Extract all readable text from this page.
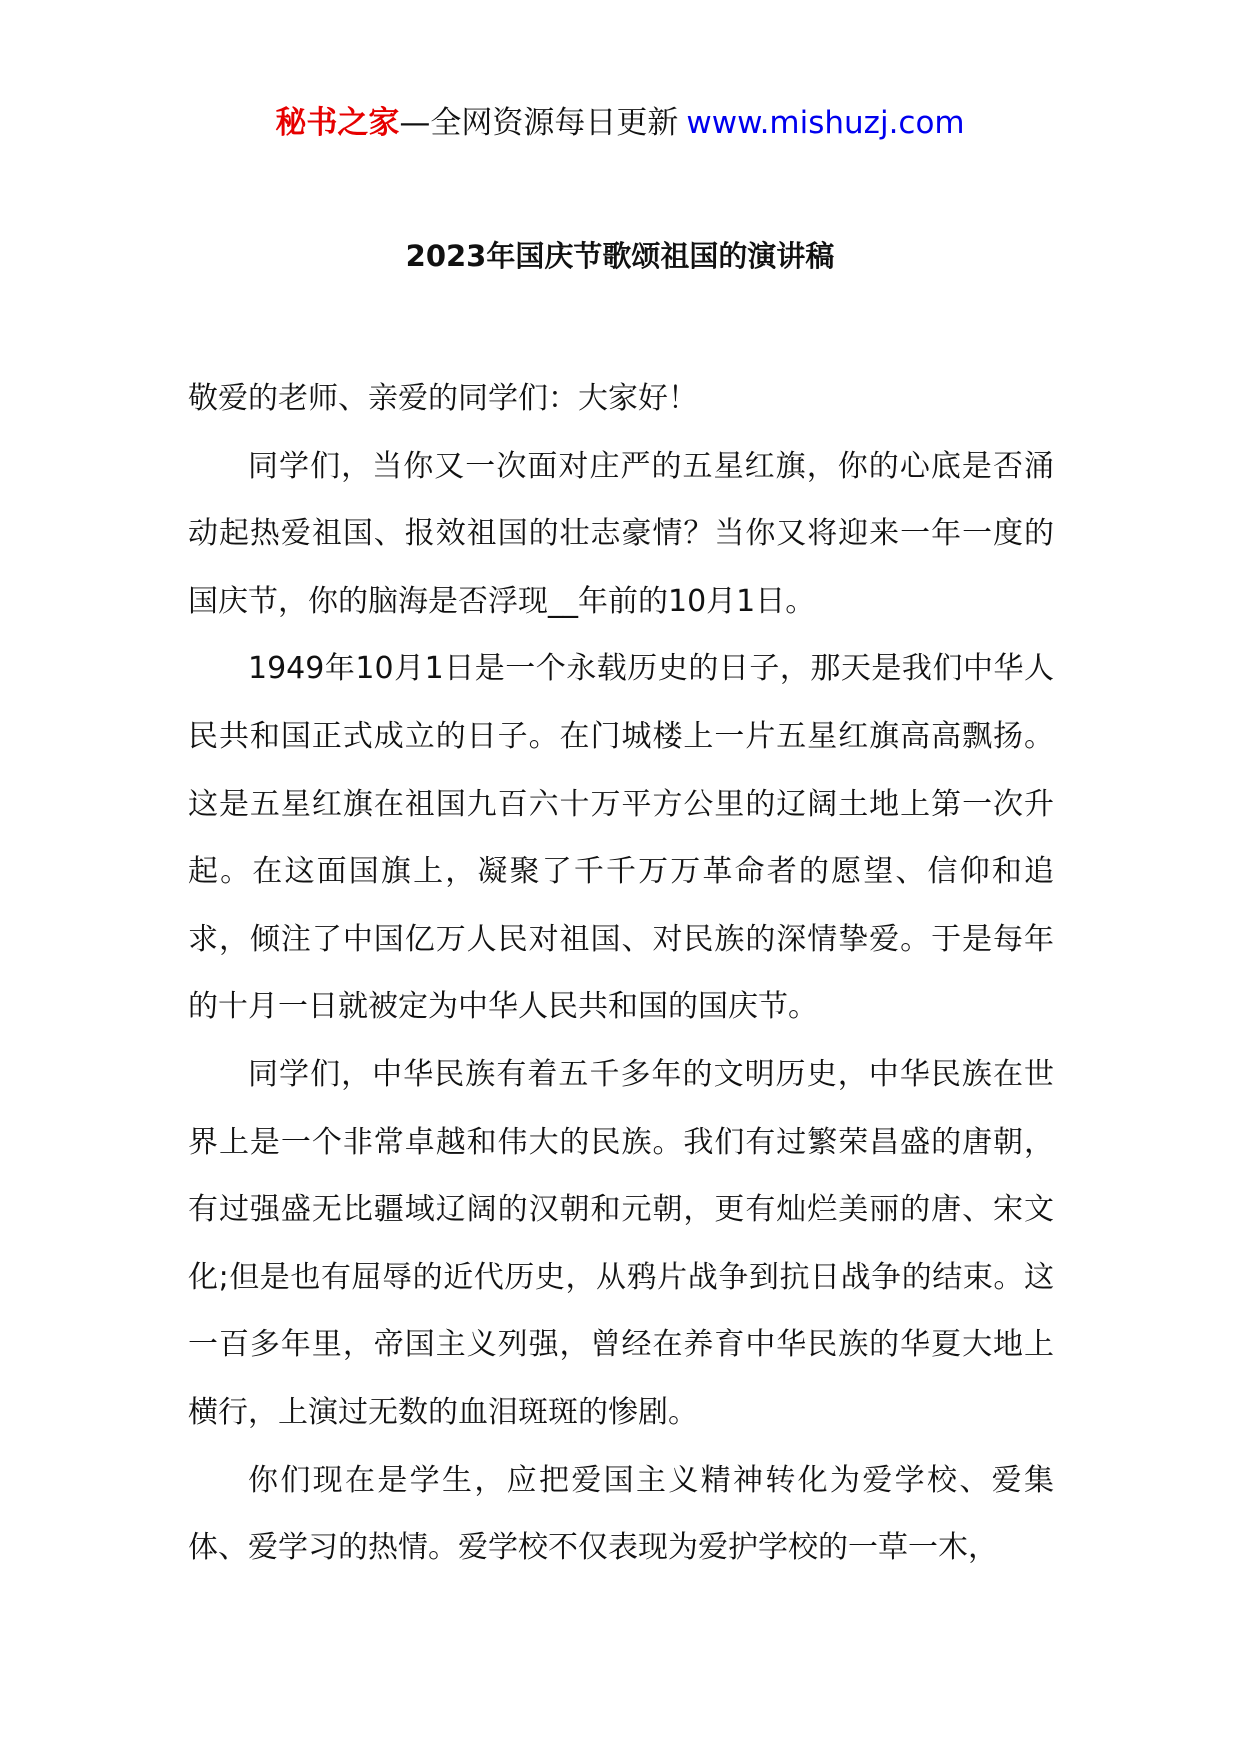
秘书之家—全网资源每日更新 www.mishuzj.com
2023年国庆节歌颂祖国的演讲稿

敬爱的老师、亲爱的同学们：大家好！

同学们，当你又一次面对庄严的五星红旗，你的心底是否涌动起热爱祖国、报效祖国的壮志豪情？当你又将迎来一年一度的国庆节，你的脑海是否浮现__年前的10月1日。

1949年10月1日是一个永载历史的日子，那天是我们中华人民共和国正式成立的日子。在门城楼上一片五星红旗高高飘扬。这是五星红旗在祖国九百六十万平方公里的辽阔土地上第一次升起。在这面国旗上，凝聚了千千万万革命者的愿望、信仰和追求，倾注了中国亿万人民对祖国、对民族的深情挚爱。于是每年的十月一日就被定为中华人民共和国的国庆节。

同学们，中华民族有着五千多年的文明历史，中华民族在世界上是一个非常卓越和伟大的民族。我们有过繁荣昌盛的唐朝，有过强盛无比疆域辽阔的汉朝和元朝，更有灿烂美丽的唐、宋文化;但是也有屈辱的近代历史，从鸦片战争到抗日战争的结束。这一百多年里，帝国主义列强，曾经在养育中华民族的华夏大地上横行，上演过无数的血泪斑斑的惨剧。

你们现在是学生，应把爱国主义精神转化为爱学校、爱集体、爱学习的热情。爱学校不仅表现为爱护学校的一草一木，
